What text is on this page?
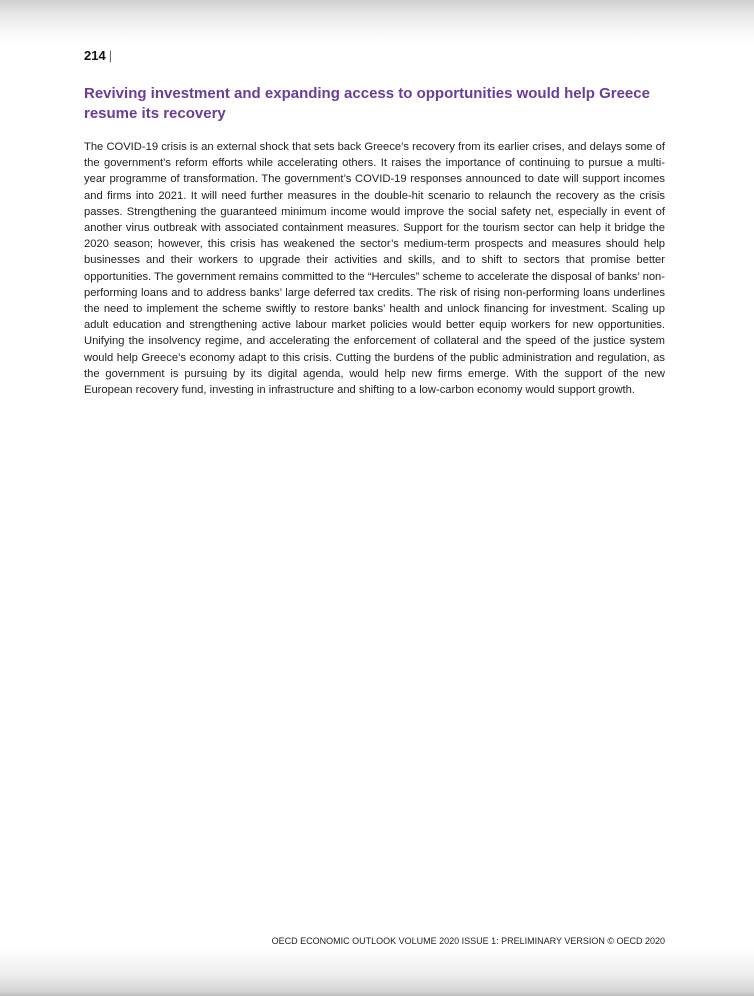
214 |
Reviving investment and expanding access to opportunities would help Greece resume its recovery

The COVID-19 crisis is an external shock that sets back Greece’s recovery from its earlier crises, and delays some of the government’s reform efforts while accelerating others. It raises the importance of continuing to pursue a multi-year programme of transformation. The government’s COVID-19 responses announced to date will support incomes and firms into 2021. It will need further measures in the double-hit scenario to relaunch the recovery as the crisis passes. Strengthening the guaranteed minimum income would improve the social safety net, especially in event of another virus outbreak with associated containment measures. Support for the tourism sector can help it bridge the 2020 season; however, this crisis has weakened the sector’s medium-term prospects and measures should help businesses and their workers to upgrade their activities and skills, and to shift to sectors that promise better opportunities. The government remains committed to the “Hercules” scheme to accelerate the disposal of banks’ non-performing loans and to address banks’ large deferred tax credits. The risk of rising non-performing loans underlines the need to implement the scheme swiftly to restore banks’ health and unlock financing for investment. Scaling up adult education and strengthening active labour market policies would better equip workers for new opportunities. Unifying the insolvency regime, and accelerating the enforcement of collateral and the speed of the justice system would help Greece’s economy adapt to this crisis. Cutting the burdens of the public administration and regulation, as the government is pursuing by its digital agenda, would help new firms emerge. With the support of the new European recovery fund, investing in infrastructure and shifting to a low-carbon economy would support growth.

OECD ECONOMIC OUTLOOK VOLUME 2020 ISSUE 1: PRELIMINARY VERSION © OECD 2020
